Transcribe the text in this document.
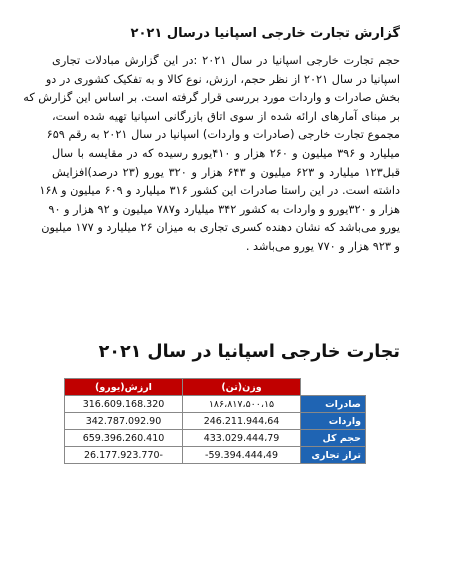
گزارش تجارت خارجی اسپانیا درسال ۲۰۲۱
حجم تجارت خارجی اسپانیا در سال ۲۰۲۱ :در این گزارش مبادلات تجاری
اسپانیا در سال ۲۰۲۱ از نظر حجم، ارزش، نوع کالا و به تفکیک کشوری در دو
بخش صادرات و واردات مورد بررسی قرار گرفته است. بر اساس این گزارش که
بر مبنای آمارهای ارائه شده از سوی اتاق بازرگانی اسپانیا تهیه شده است،
مجموع تجارت خارجی (صادرات و واردات) اسپانیا در سال ۲۰۲۱ به رقم ۶۵۹
میلیارد و ۳۹۶ میلیون و ۲۶۰ هزار و ۴۱۰یورو رسیده که در مقایسه با سال
قبل۱۲۳ میلیارد و ۶۲۳ میلیون و ۶۴۳ هزار و ۳۲۰ یورو (۲۳ درصد)افزایش
داشته است. در این راستا صادرات این کشور ۳۱۶ میلیارد و ۶۰۹ میلیون و ۱۶۸
هزار و ۳۲۰یورو و واردات به کشور ۳۴۲ میلیارد و۷۸۷ میلیون و ۹۲ هزار و ۹۰
یورو می‌باشد که نشان دهنده کسری تجاری به میزان ۲۶ میلیارد و ۱۷۷ میلیون
و ۹۲۳ هزار و ۷۷۰ یورو می‌باشد .
تجارت خارجی اسپانیا در سال ۲۰۲۱
	وزن(تن)	ارزش(یورو)
صادرات	۱۸۶،۸۱۷،۵۰۰،۱۵	316.609.168.320
واردات	246.211.944،64	342.787.092.90
حجم کل	433.029.444،79	659.396.260.410
تراز تجاری	59.394.444،49-	26.177.923.770-
